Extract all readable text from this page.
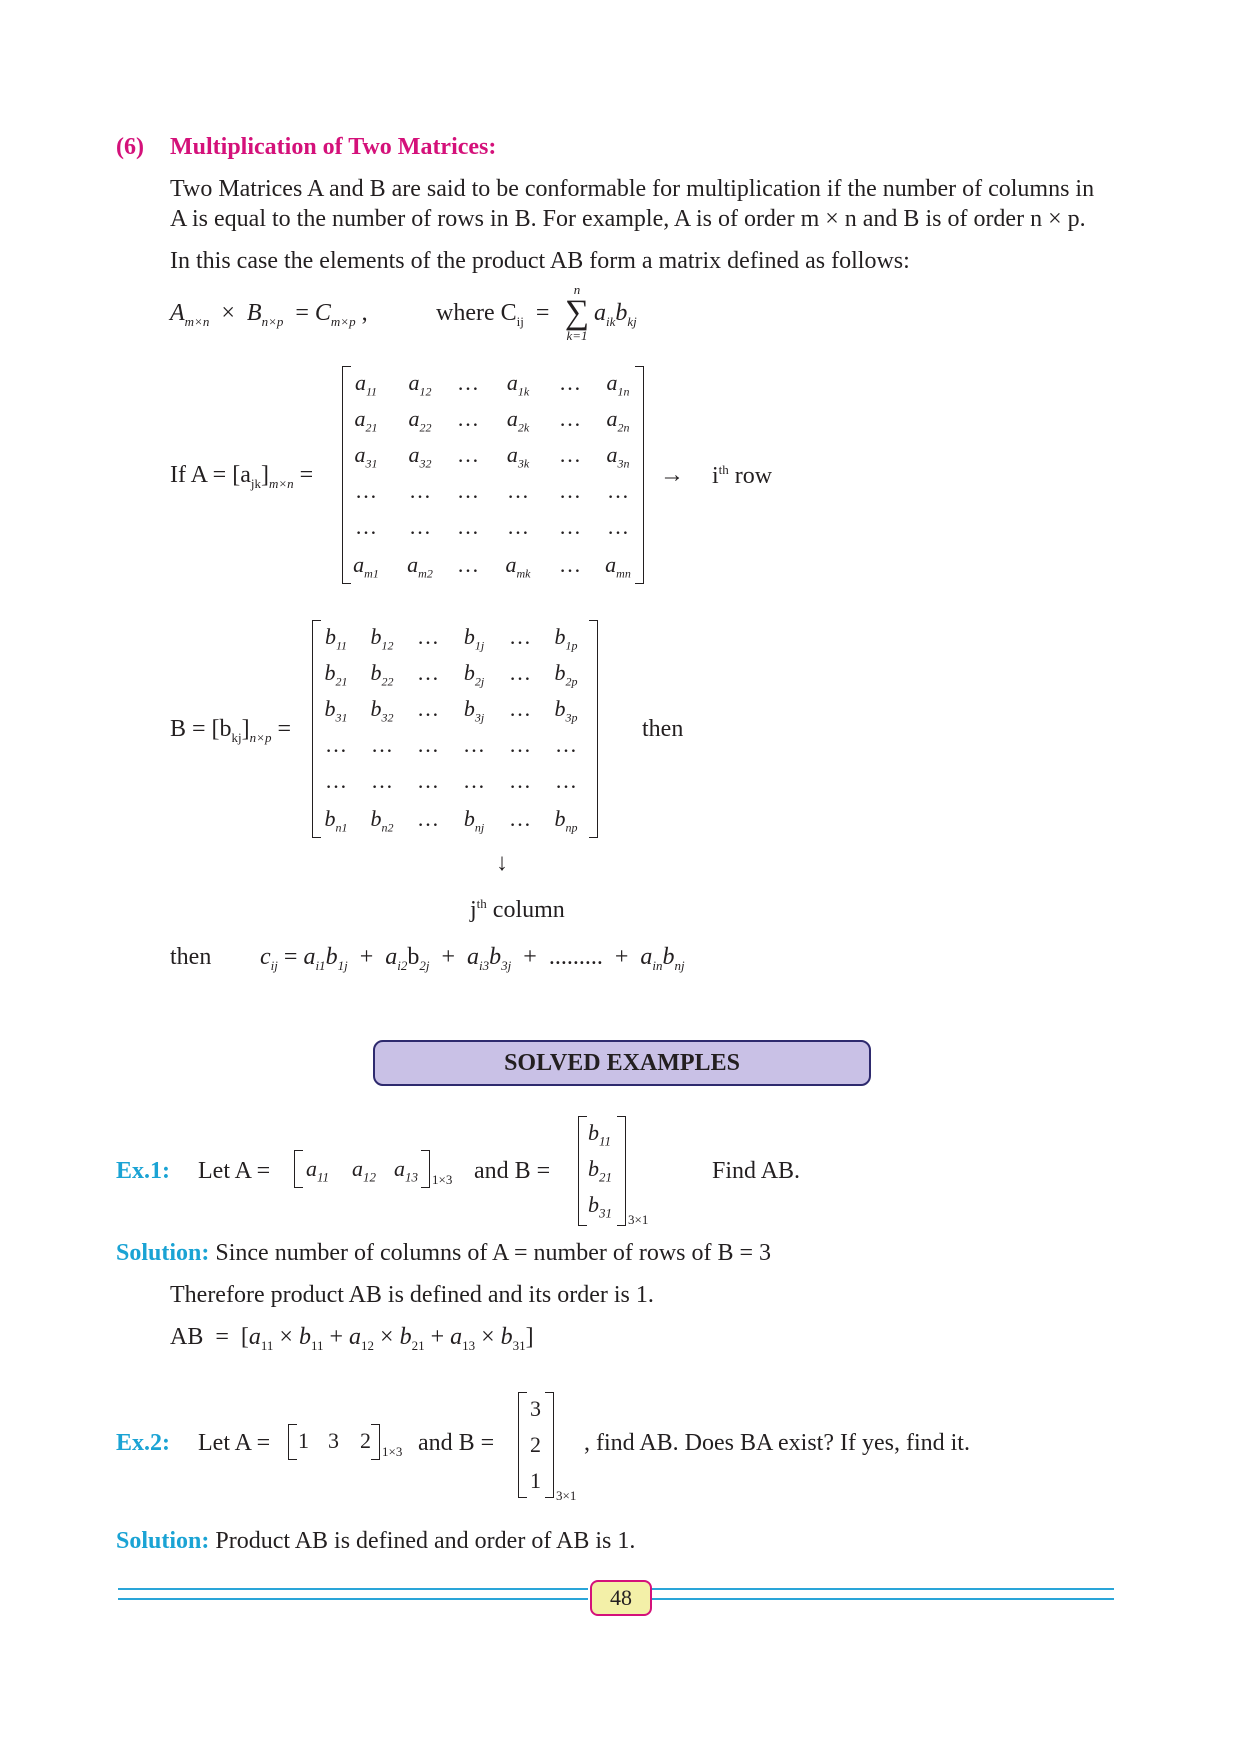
(6) Multiplication of Two Matrices:
Two Matrices A and B are said to be conformable for multiplication if the number of columns in
A is equal to the number of rows in B. For example, A is of order m × n and B is of order n × p.
In this case the elements of the product AB form a matrix defined as follows:
$A_{m\times n} \times B_{n\times p} = C_{m\times p}$ ,	where $C_{ij}$  =
n
∑
k=1
$a_{ik}b_{kj}$
If $A = [a_{jk}]_{m\times n}$ =
$a_{11}$	$a_{12}$	…	$a_{1k}$	…	$a_{1n}$
$a_{21}$	$a_{22}$	…	$a_{2k}$	…	$a_{2n}$
$a_{31}$	$a_{32}$	…	$a_{3k}$	…	$a_{3n}$
…	…	…	…	…	…
…	…	…	…	…	…
$a_{m1}$	$a_{m2}$	…	$a_{mk}$	…	$a_{mn}$
→ $i^{th}$ row
$B = [b_{kj}]_{n\times p}$ =
$b_{11}$	$b_{12}$	…	$b_{1j}$	…	$b_{1p}$
$b_{21}$	$b_{22}$	…	$b_{2j}$	…	$b_{2p}$
$b_{31}$	$b_{32}$	…	$b_{3j}$	…	$b_{3p}$
…	…	…	…	…	…
…	…	…	…	…	…
$b_{n1}$	$b_{n2}$	…	$b_{nj}$	…	$b_{np}$
then
↓
$j^{th}$ column
then $c_{ij} = a_{i1}b_{1j} + a_{i2}b_{2j} + a_{i3}b_{3j}$  +  .........  +  $a_{in}b_{nj}$
SOLVED EXAMPLES
Ex.1: Let $A = a_{11}$ $a_{12}$ $a_{13}$ 1×3 and B =
$b_{11}$
$b_{21}$
$b_{31}$ 3×1
Find AB.
Solution: Since number of columns of A = number of rows of B = 3
Therefore product AB is defined and its order is 1.
AB  =  $[a_{11} \times b_{11} + a_{12} \times b_{21} + a_{13} \times b_{31}]$
Ex.2: Let A = 1 3 2 1×3 and B =
3
2
1
3×1
, find AB. Does BA exist? If yes, find it.
Solution: Product AB is defined and order of AB is 1.
48
